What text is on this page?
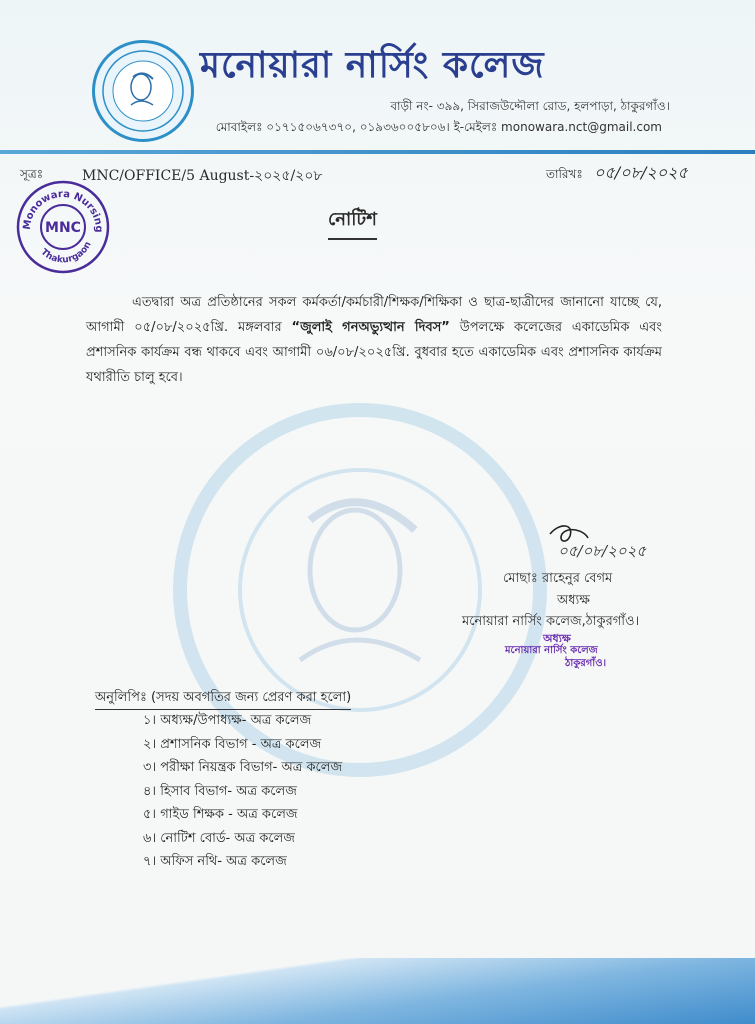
মনোয়ারা নার্সিং কলেজ
বাড়ী নং- ৩৯৯, সিরাজউদ্দৌলা রোড, হলপাড়া, ঠাকুরগাঁও।
মোবাইলঃ ০১৭১৫০৬৭৩৭০, ০১৯৩৬০০৫৮০৬। ই-মেইলঃ monowara.nct@gmail.com
সূত্রঃ	MNC/OFFICE/5 August-২০২৫/২০৮	তারিখঃ ০৫/০৮/২০২৫
Monowara Nursing
MNC
Thakurgaon
নোটিশ
এতদ্বারা অত্র প্রতিষ্ঠানের সকল কর্মকর্তা/কর্মচারী/শিক্ষক/শিক্ষিকা ও ছাত্র-ছাত্রীদের জানানো যাচ্ছে যে, আগামী ০৫/০৮/২০২৫খ্রি. মঙ্গলবার “জুলাই গনঅভ্যুত্থান দিবস” উপলক্ষে কলেজের একাডেমিক এবং প্রশাসনিক কার্যক্রম বন্ধ থাকবে এবং আগামী ০৬/০৮/২০২৫খ্রি. বুধবার হতে একাডেমিক এবং প্রশাসনিক কার্যক্রম যথারীতি চালু হবে।
০৫/০৮/২০২৫
মোছাঃ রাহেনুর বেগম
অধ্যক্ষ
মনোয়ারা নার্সিং কলেজ,ঠাকুরগাঁও।
অধ্যক্ষ
মনোয়ারা নার্সিং কলেজ
ঠাকুরগাঁও।
অনুলিপিঃ (সদয় অবগতির জন্য প্রেরণ করা হলো)
১। অধ্যক্ষ/উপাধ্যক্ষ- অত্র কলেজ
২। প্রশাসনিক বিভাগ - অত্র কলেজ
৩। পরীক্ষা নিয়ন্ত্রক বিভাগ- অত্র কলেজ
৪। হিসাব বিভাগ- অত্র কলেজ
৫। গাইড শিক্ষক - অত্র কলেজ
৬। নোটিশ বোর্ড- অত্র কলেজ
৭। অফিস নথি- অত্র কলেজ
